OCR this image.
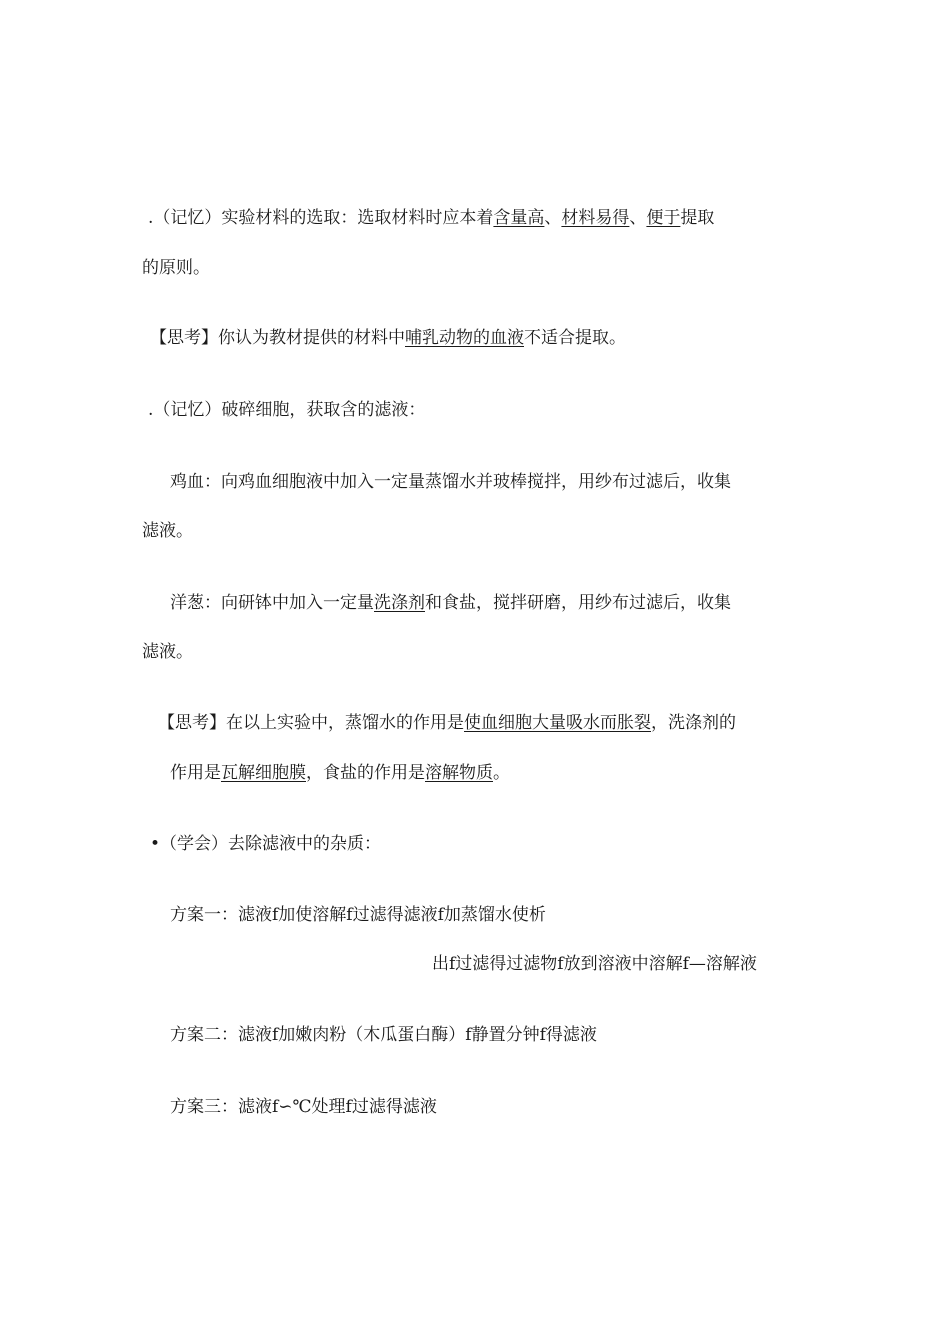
.（记忆）实验材料的选取：选取材料时应本着含量高、材料易得、便于提取
的原则。
【思考】你认为教材提供的材料中哺乳动物的血液不适合提取。
.（记忆）破碎细胞，获取含的滤液：
鸡血：向鸡血细胞液中加入一定量蒸馏水并玻棒搅拌，用纱布过滤后，收集
滤液。
洋葱：向研钵中加入一定量洗涤剂和食盐，搅拌研磨，用纱布过滤后，收集
滤液。
【思考】在以上实验中，蒸馏水的作用是使血细胞大量吸水而胀裂，洗涤剂的
作用是瓦解细胞膜，食盐的作用是溶解物质。
•（学会）去除滤液中的杂质：
方案一：滤液f加使溶解f过滤得滤液f加蒸馏水使析
出f过滤得过滤物f放到溶液中溶解f—溶解液
方案二：滤液f加嫩肉粉（木瓜蛋白酶）f静置分钟f得滤液
方案三：滤液f∽℃处理f过滤得滤液
